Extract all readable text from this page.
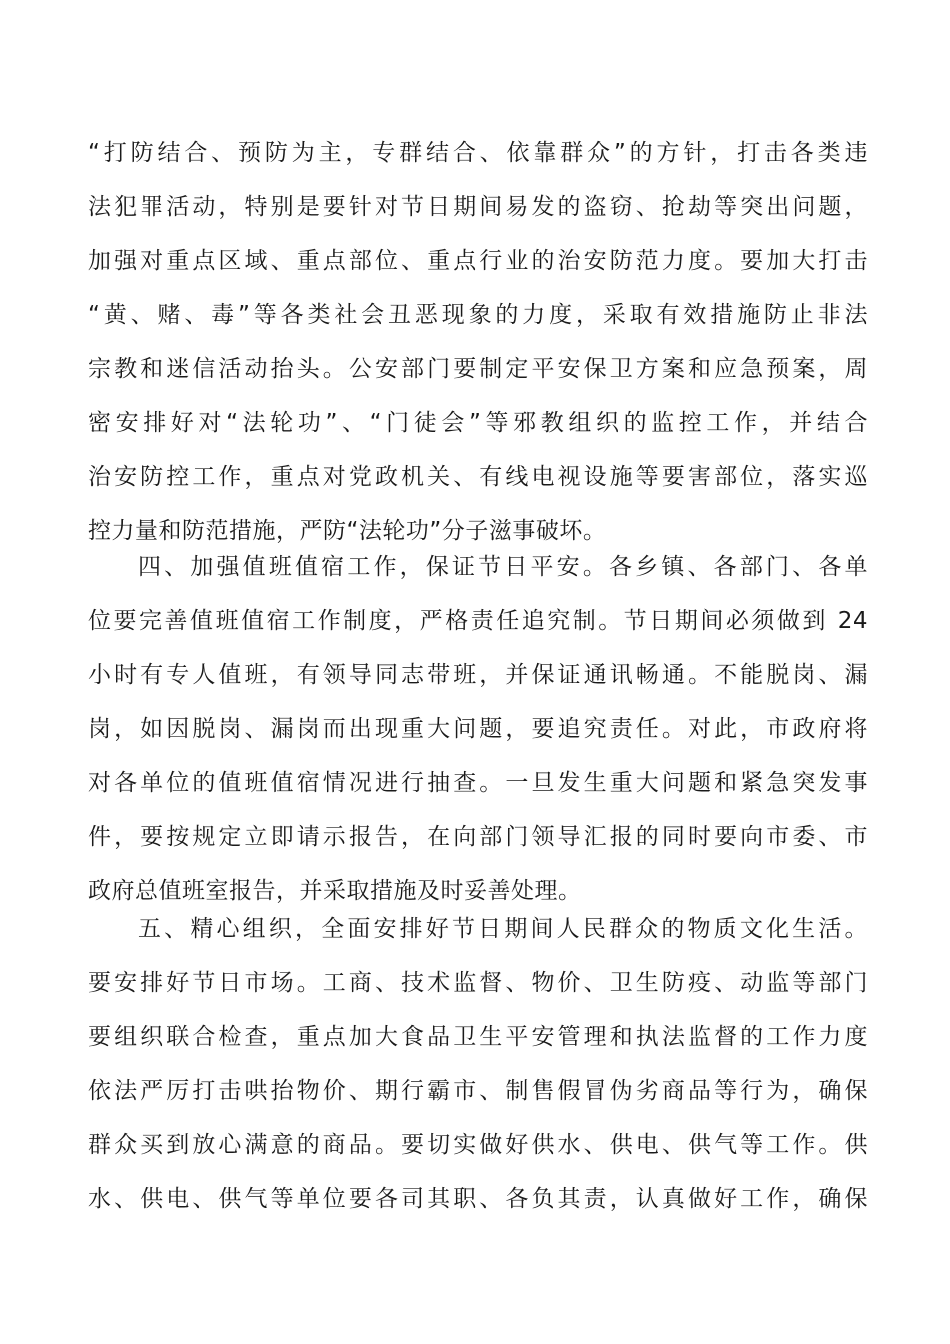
“打防结合、预防为主，专群结合、依靠群众”的方针，打击各类违
法犯罪活动，特别是要针对节日期间易发的盗窃、抢劫等突出问题，
加强对重点区域、重点部位、重点行业的治安防范力度。要加大打击
“黄、赌、毒”等各类社会丑恶现象的力度，采取有效措施防止非法
宗教和迷信活动抬头。公安部门要制定平安保卫方案和应急预案，周
密安排好对“法轮功”、“门徒会”等邪教组织的监控工作，并结合
治安防控工作，重点对党政机关、有线电视设施等要害部位，落实巡
控力量和防范措施，严防“法轮功”分子滋事破坏。
四、加强值班值宿工作，保证节日平安。各乡镇、各部门、各单
位要完善值班值宿工作制度，严格责任追究制。节日期间必须做到 24
小时有专人值班，有领导同志带班，并保证通讯畅通。不能脱岗、漏
岗，如因脱岗、漏岗而出现重大问题，要追究责任。对此，市政府将
对各单位的值班值宿情况进行抽查。一旦发生重大问题和紧急突发事
件，要按规定立即请示报告，在向部门领导汇报的同时要向市委、市
政府总值班室报告，并采取措施及时妥善处理。
五、精心组织，全面安排好节日期间人民群众的物质文化生活。
要安排好节日市场。工商、技术监督、物价、卫生防疫、动监等部门
要组织联合检查，重点加大食品卫生平安管理和执法监督的工作力度
依法严厉打击哄抬物价、期行霸市、制售假冒伪劣商品等行为，确保
群众买到放心满意的商品。要切实做好供水、供电、供气等工作。供
水、供电、供气等单位要各司其职、各负其责，认真做好工作，确保
